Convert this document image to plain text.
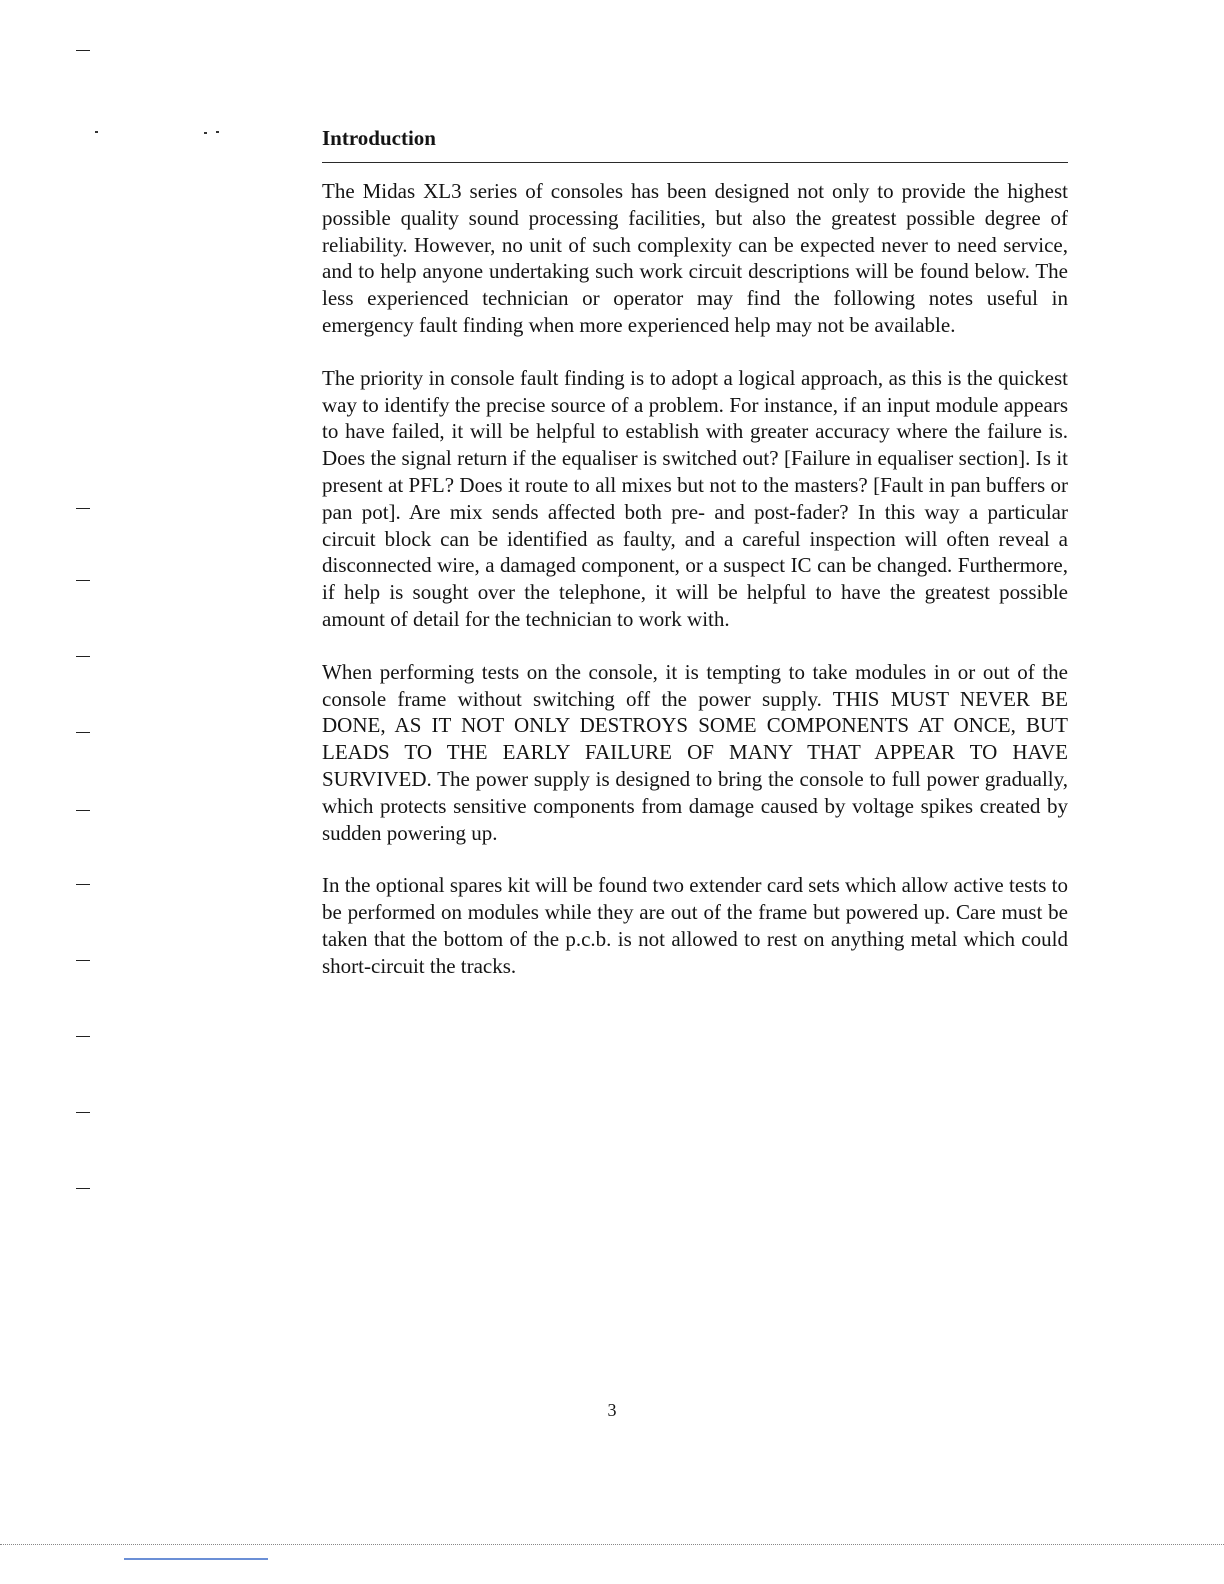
Introduction

The Midas XL3 series of consoles has been designed not only to provide the highest possible quality sound processing facilities, but also the greatest possible degree of reliability. However, no unit of such complexity can be expected never to need service, and to help anyone undertaking such work circuit descriptions will be found below. The less experienced technician or operator may find the following notes useful in emergency fault finding when more experienced help may not be available.

The priority in console fault finding is to adopt a logical approach, as this is the quickest way to identify the precise source of a problem. For instance, if an input module appears to have failed, it will be helpful to establish with greater accuracy where the failure is. Does the signal return if the equaliser is switched out? [Failure in equaliser section]. Is it present at PFL? Does it route to all mixes but not to the masters? [Fault in pan buffers or pan pot]. Are mix sends affected both pre- and post-fader? In this way a particular circuit block can be identified as faulty, and a careful inspection will often reveal a disconnected wire, a damaged component, or a suspect IC can be changed. Furthermore, if help is sought over the telephone, it will be helpful to have the greatest possible amount of detail for the technician to work with.

When performing tests on the console, it is tempting to take modules in or out of the console frame without switching off the power supply. THIS MUST NEVER BE DONE, AS IT NOT ONLY DESTROYS SOME COMPONENTS AT ONCE, BUT LEADS TO THE EARLY FAILURE OF MANY THAT APPEAR TO HAVE SURVIVED. The power supply is designed to bring the console to full power gradually, which protects sensitive components from damage caused by voltage spikes created by sudden powering up.

In the optional spares kit will be found two extender card sets which allow active tests to be performed on modules while they are out of the frame but powered up. Care must be taken that the bottom of the p.c.b. is not allowed to rest on anything metal which could short-circuit the tracks.

3
